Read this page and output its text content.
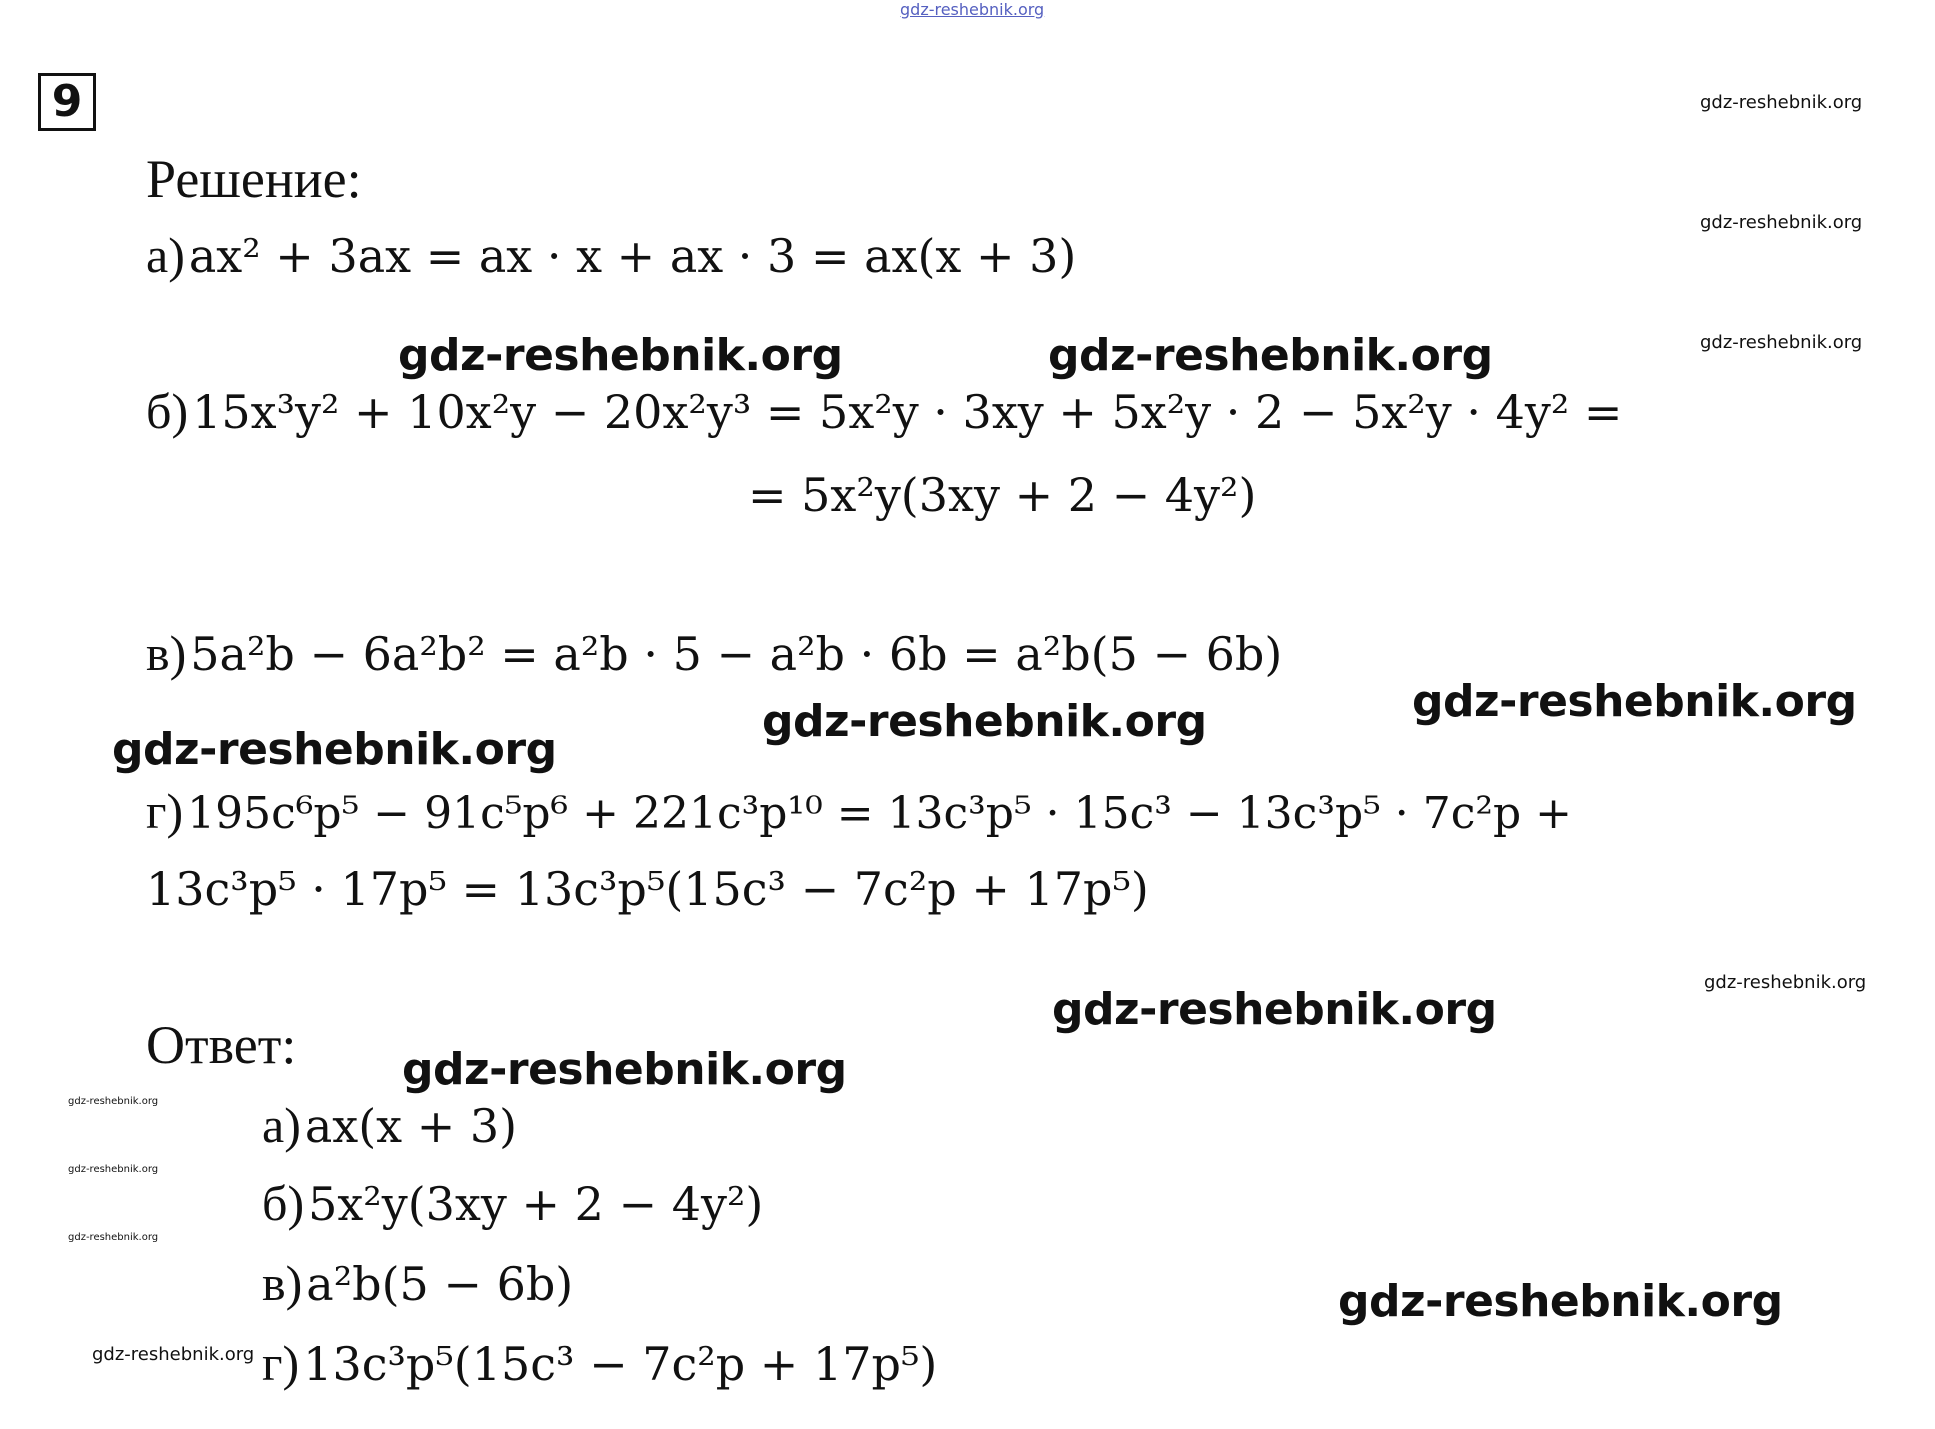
gdz-reshebnik.org
9	gdz-reshebnik.org
gdz-reshebnik.org
gdz-reshebnik.org
gdz-reshebnik.org
Решение:
а) ax² + 3ax = ax · x + ax · 3 = ax(x + 3)
gdz-reshebnik.org	gdz-reshebnik.org
б) 15x³y² + 10x²y − 20x²y³ = 5x²y · 3xy + 5x²y · 2 − 5x²y · 4y² =
= 5x²y(3xy + 2 − 4y²)
в) 5a²b − 6a²b² = a²b · 5 − a²b · 6b = a²b(5 − 6b)
gdz-reshebnik.org
gdz-reshebnik.org
gdz-reshebnik.org
г) 195c⁶p⁵ − 91c⁵p⁶ + 221c³p¹⁰ = 13c³p⁵ · 15c³ − 13c³p⁵ · 7c²p +
13c³p⁵ · 17p⁵ = 13c³p⁵(15c³ − 7c²p + 17p⁵)
gdz-reshebnik.org
Ответ: gdz-reshebnik.org
gdz-reshebnik.org
gdz-reshebnik.org
gdz-reshebnik.org
gdz-reshebnik.org
а) ax(x + 3)
б) 5x²y(3xy + 2 − 4y²)
в) a²b(5 − 6b)
г) 13c³p⁵(15c³ − 7c²p + 17p⁵)
gdz-reshebnik.org
